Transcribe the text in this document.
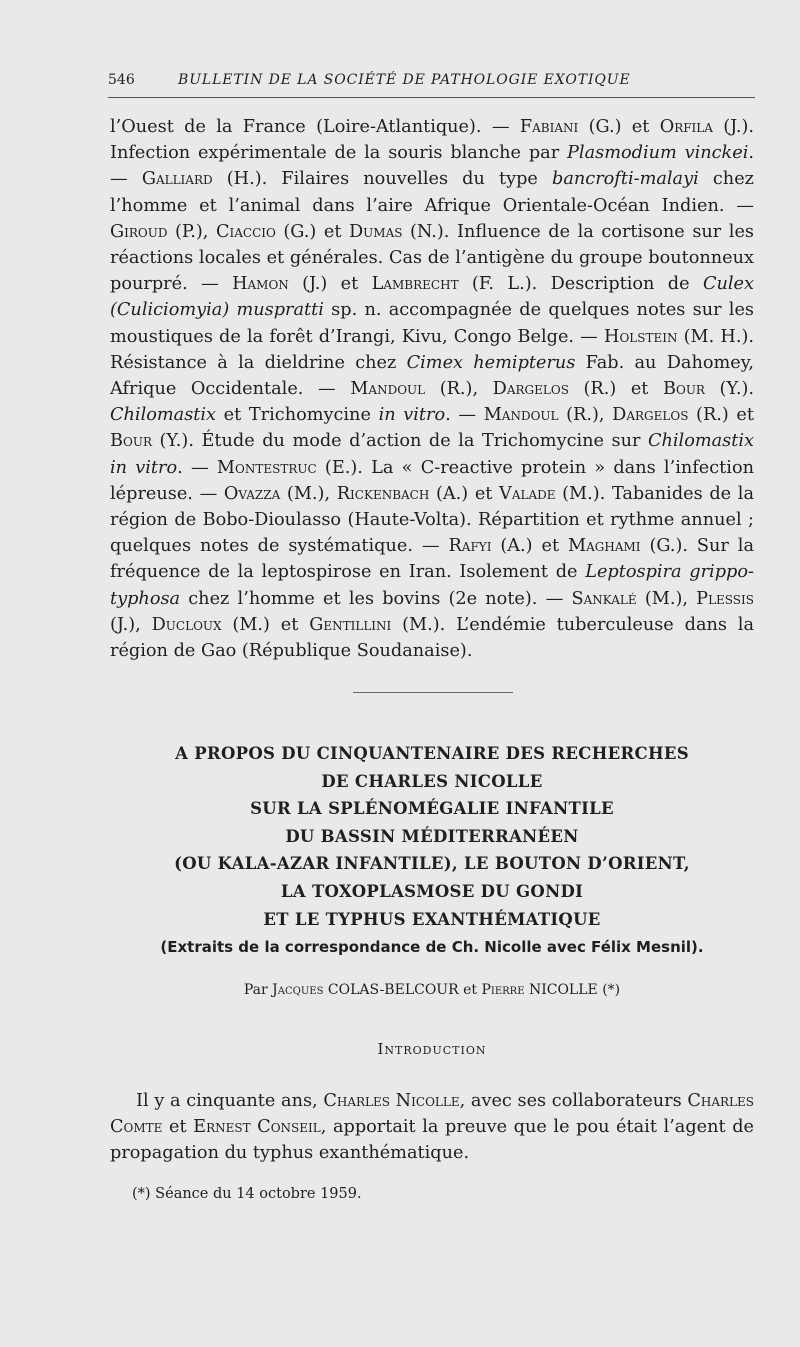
546	BULLETIN DE LA SOCIÉTÉ DE PATHOLOGIE EXOTIQUE

l’Ouest de la France (Loire-Atlantique). — Fabiani (G.) et Orfila (J.). Infection expérimentale de la souris blanche par Plasmodium vinckei. — Galliard (H.). Filaires nouvelles du type bancrofti-malayi chez l’homme et l’animal dans l’aire Afrique Orientale-Océan Indien. — Giroud (P.), Ciaccio (G.) et Dumas (N.). Influence de la cortisone sur les réactions locales et générales. Cas de l’antigène du groupe boutonneux pourpré. — Hamon (J.) et Lambrecht (F. L.). Description de Culex (Culiciomyia) muspratti sp. n. accompagnée de quelques notes sur les moustiques de la forêt d’Irangi, Kivu, Congo Belge. — Holstein (M. H.). Résistance à la dieldrine chez Cimex hemipterus Fab. au Dahomey, Afrique Occidentale. — Mandoul (R.), Dargelos (R.) et Bour (Y.). Chilomastix et Trichomycine in vitro. — Mandoul (R.), Dargelos (R.) et Bour (Y.). Étude du mode d’action de la Trichomycine sur Chilomastix in vitro. — Montestruc (E.). La « C-reactive protein » dans l’infection lépreuse. — Ovazza (M.), Rickenbach (A.) et Valade (M.). Tabanides de la région de Bobo-Dioulasso (Haute-Volta). Répartition et rythme annuel ; quelques notes de systématique. — Rafyi (A.) et Maghami (G.). Sur la fréquence de la leptospirose en Iran. Isolement de Leptospira grippo-typhosa chez l’homme et les bovins (2e note). — Sankalé (M.), Plessis (J.), Ducloux (M.) et Gentillini (M.). L’endémie tuberculeuse dans la région de Gao (République Soudanaise).

A PROPOS DU CINQUANTENAIRE DES RECHERCHES
DE CHARLES NICOLLE
SUR LA SPLÉNOMÉGALIE INFANTILE
DU BASSIN MÉDITERRANÉEN
(OU KALA-AZAR INFANTILE), LE BOUTON D’ORIENT,
LA TOXOPLASMOSE DU GONDI
ET LE TYPHUS EXANTHÉMATIQUE
(Extraits de la correspondance de Ch. Nicolle avec Félix Mesnil).
Par Jacques COLAS-BELCOUR et Pierre NICOLLE (*)
Introduction

Il y a cinquante ans, Charles Nicolle, avec ses collaborateurs Charles Comte et Ernest Conseil, apportait la preuve que le pou était l’agent de propagation du typhus exanthématique.

(*) Séance du 14 octobre 1959.
